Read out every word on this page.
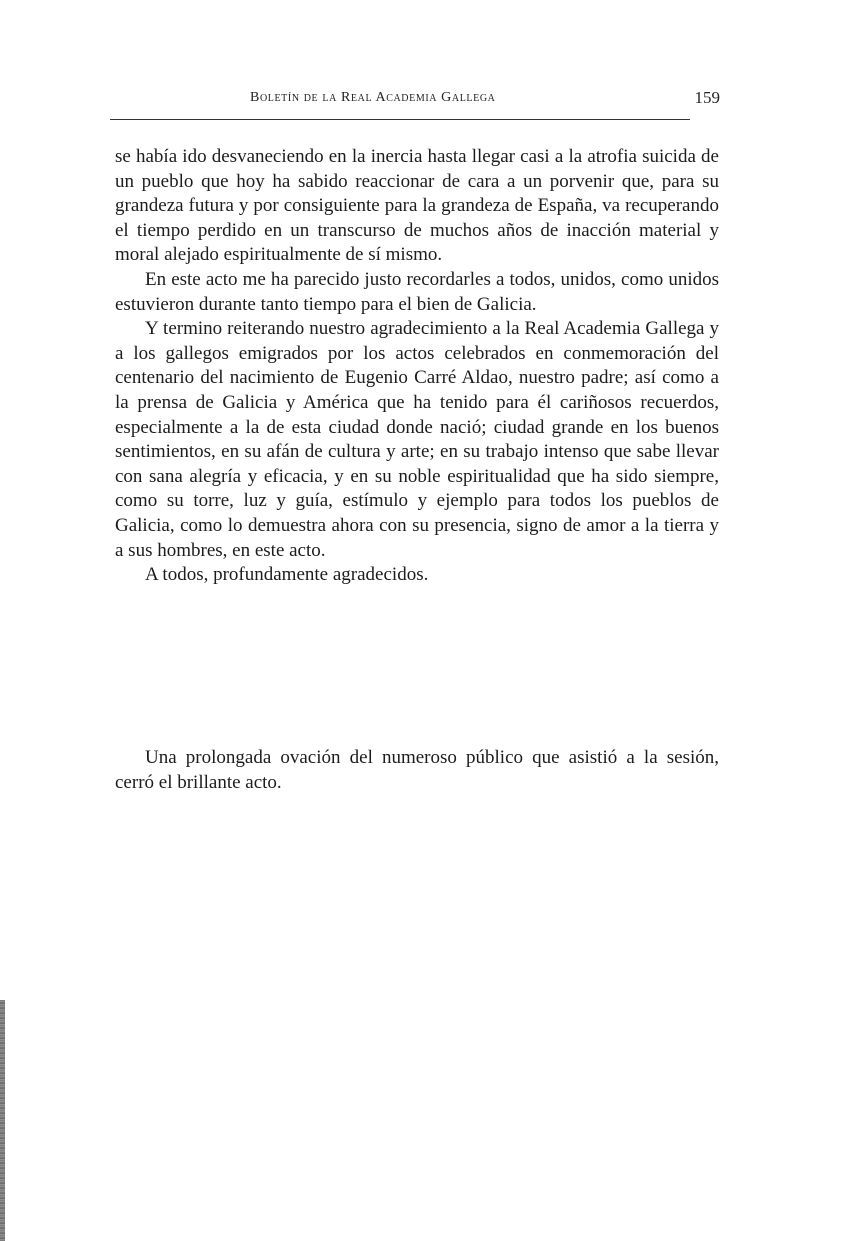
Boletín de la Real Academia Gallega	159

se había ido desvaneciendo en la inercia hasta llegar casi a la atrofia suicida de un pueblo que hoy ha sabido reaccionar de cara a un porvenir que, para su grandeza futura y por consiguiente para la grandeza de España, va recuperando el tiempo perdido en un transcurso de muchos años de inacción material y moral alejado espiritualmente de sí mismo.

En este acto me ha parecido justo recordarles a todos, unidos, como unidos estuvieron durante tanto tiempo para el bien de Galicia.

Y termino reiterando nuestro agradecimiento a la Real Academia Gallega y a los gallegos emigrados por los actos celebrados en conmemoración del centenario del nacimiento de Eugenio Carré Aldao, nuestro padre; así como a la prensa de Galicia y América que ha tenido para él cariñosos recuerdos, especialmente a la de esta ciudad donde nació; ciudad grande en los buenos sentimientos, en su afán de cultura y arte; en su trabajo intenso que sabe llevar con sana alegría y eficacia, y en su noble espiritualidad que ha sido siempre, como su torre, luz y guía, estímulo y ejemplo para todos los pueblos de Galicia, como lo demuestra ahora con su presencia, signo de amor a la tierra y a sus hombres, en este acto.

A todos, profundamente agradecidos.

Una prolongada ovación del numeroso público que asistió a la sesión, cerró el brillante acto.
